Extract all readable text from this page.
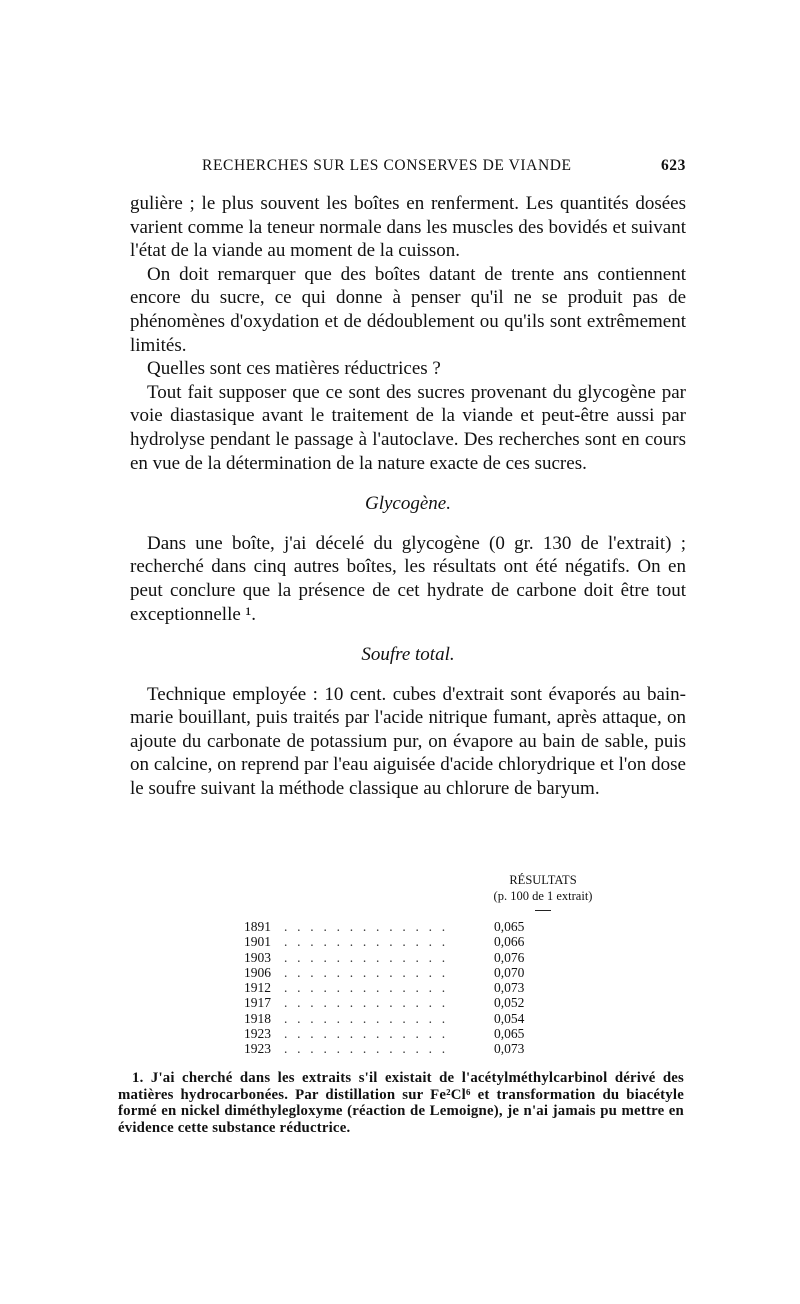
RECHERCHES SUR LES CONSERVES DE VIANDE	623

gulière ; le plus souvent les boîtes en renferment. Les quantités dosées varient comme la teneur normale dans les muscles des bovidés et suivant l'état de la viande au moment de la cuisson.

On doit remarquer que des boîtes datant de trente ans contiennent encore du sucre, ce qui donne à penser qu'il ne se produit pas de phénomènes d'oxydation et de dédoublement ou qu'ils sont extrêmement limités.

Quelles sont ces matières réductrices ?

Tout fait supposer que ce sont des sucres provenant du glycogène par voie diastasique avant le traitement de la viande et peut-être aussi par hydrolyse pendant le passage à l'autoclave. Des recherches sont en cours en vue de la détermination de la nature exacte de ces sucres.

Glycogène.

Dans une boîte, j'ai décelé du glycogène (0 gr. 130 de l'extrait) ; recherché dans cinq autres boîtes, les résultats ont été négatifs. On en peut conclure que la présence de cet hydrate de carbone doit être tout exceptionnelle ¹.

Soufre total.

Technique employée : 10 cent. cubes d'extrait sont évaporés au bain-marie bouillant, puis traités par l'acide nitrique fumant, après attaque, on ajoute du carbonate de potassium pur, on évapore au bain de sable, puis on calcine, on reprend par l'eau aiguisée d'acide chlorydrique et l'on dose le soufre suivant la méthode classique au chlorure de baryum.

RÉSULTATS
(p. 100 de 1 extrait)
1891 . . . . . . . . . . . . .	0,065
1901 . . . . . . . . . . . . .	0,066
1903 . . . . . . . . . . . . .	0,076
1906 . . . . . . . . . . . . .	0,070
1912 . . . . . . . . . . . . .	0,073
1917 . . . . . . . . . . . . .	0,052
1918 . . . . . . . . . . . . .	0,054
1923 . . . . . . . . . . . . .	0,065
1923 . . . . . . . . . . . . .	0,073

1. J'ai cherché dans les extraits s'il existait de l'acétylméthylcarbinol dérivé des matières hydrocarbonées. Par distillation sur Fe²Cl⁶ et transformation du biacétyle formé en nickel diméthylegloxyme (réaction de Lemoigne), je n'ai jamais pu mettre en évidence cette substance réductrice.
